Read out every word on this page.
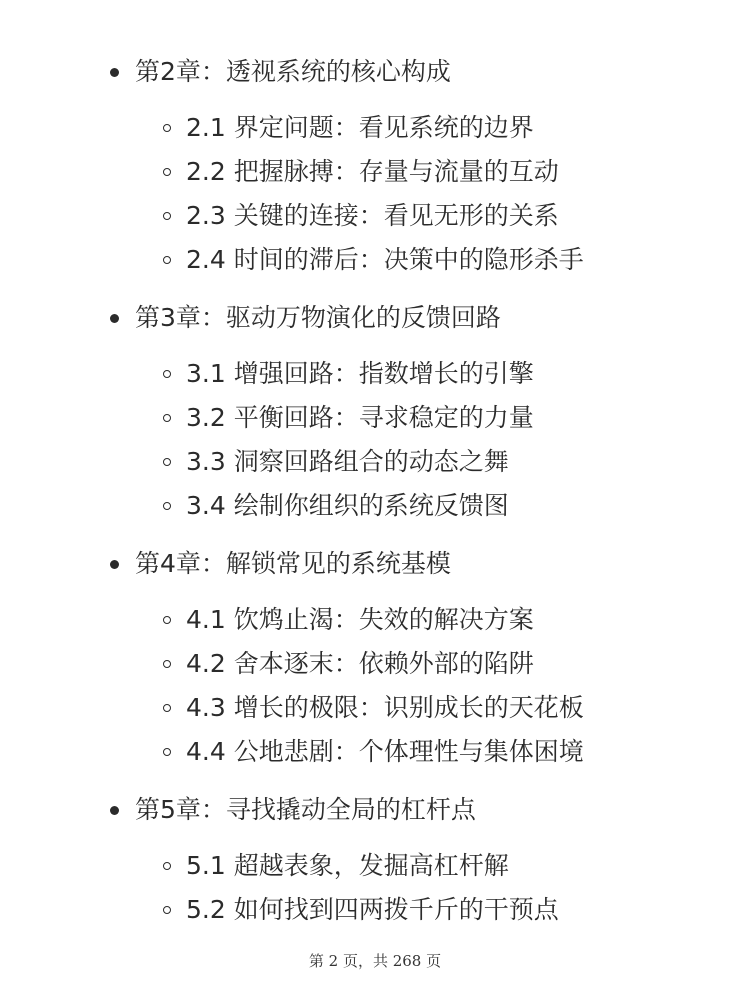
第2章：透视系统的核心构成
2.1 界定问题：看见系统的边界
2.2 把握脉搏：存量与流量的互动
2.3 关键的连接：看见无形的关系
2.4 时间的滞后：决策中的隐形杀手
第3章：驱动万物演化的反馈回路
3.1 增强回路：指数增长的引擎
3.2 平衡回路：寻求稳定的力量
3.3 洞察回路组合的动态之舞
3.4 绘制你组织的系统反馈图
第4章：解锁常见的系统基模
4.1 饮鸩止渴：失效的解决方案
4.2 舍本逐末：依赖外部的陷阱
4.3 增长的极限：识别成长的天花板
4.4 公地悲剧：个体理性与集体困境
第5章：寻找撬动全局的杠杆点
5.1 超越表象，发掘高杠杆解
5.2 如何找到四两拨千斤的干预点
第 2 页，共 268 页
